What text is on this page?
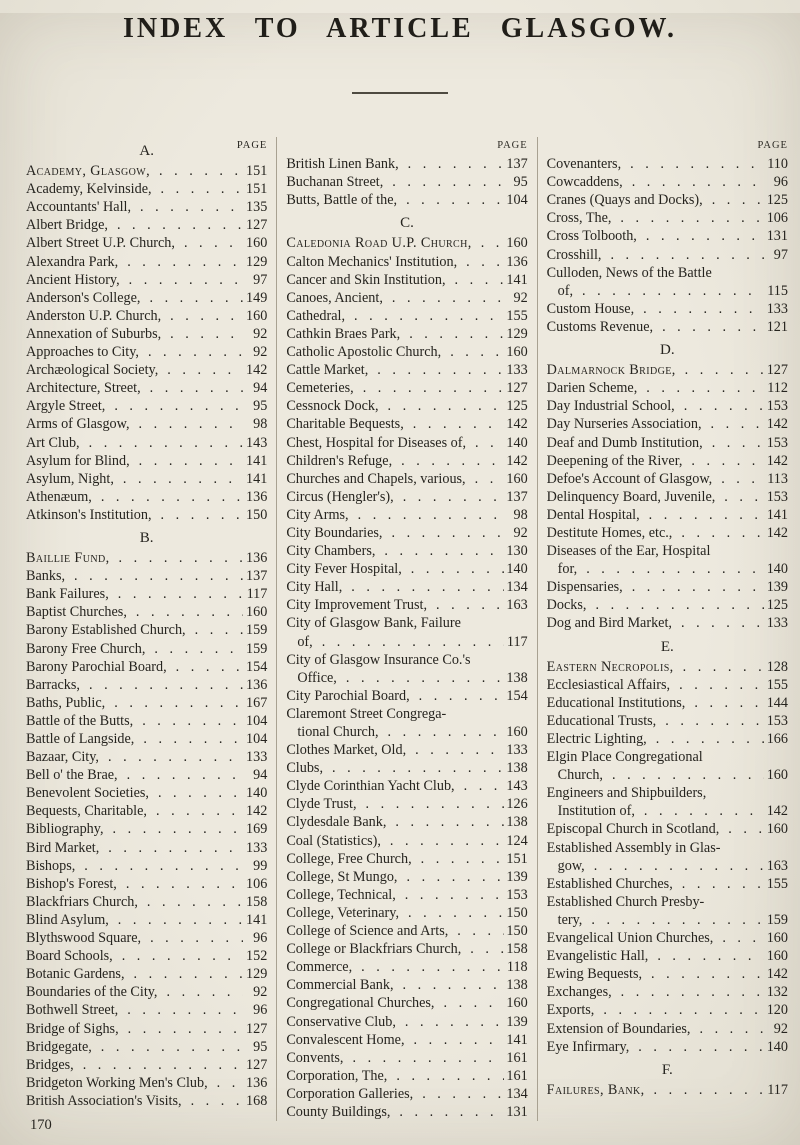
INDEX TO ARTICLE GLASGOW.
A.	PAGE
Academy, Glasgow, . . .	151
Academy, Kelvinside, . . .	151
Accountants' Hall, . . .	135
Albert Bridge, . . .	127
Albert Street U.P. Church, . . .	160
Alexandra Park, . . .	129
Ancient History, . . .	97
Anderson's College, . . .	149
Anderston U.P. Church, . . .	160
Annexation of Suburbs, . . .	92
Approaches to City, . . .	92
Archæological Society, . . .	142
Architecture, Street, . . .	94
Argyle Street, . . .	95
Arms of Glasgow, . . .	98
Art Club, . . .	143
Asylum for Blind, . . .	141
Asylum, Night, . . .	141
Athenæum, . . .	136
Atkinson's Institution, . . .	150
B.
Baillie Fund, . . .	136
Banks, . . .	137
Bank Failures, . . .	117
Baptist Churches, . . .	160
Barony Established Church, . . .	159
Barony Free Church, . . .	159
Barony Parochial Board, . . .	154
Barracks, . . .	136
Baths, Public, . . .	167
Battle of the Butts, . . .	104
Battle of Langside, . . .	104
Bazaar, City, . . .	133
Bell o' the Brae, . . .	94
Benevolent Societies, . . .	140
Bequests, Charitable, . . .	142
Bibliography, . . .	169
Bird Market, . . .	133
Bishops, . . .	99
Bishop's Forest, . . .	106
Blackfriars Church, . . .	158
Blind Asylum, . . .	141
Blythswood Square, . . .	96
Board Schools, . . .	152
Botanic Gardens, . . .	129
Boundaries of the City, . . .	92
Bothwell Street, . . .	96
Bridge of Sighs, . . .	127
Bridgegate, . . .	95
Bridges, . . .	127
Bridgeton Working Men's Club, . . .	136
British Association's Visits, . . .	168
PAGE
British Linen Bank, . . .	137
Buchanan Street, . . .	95
Butts, Battle of the, . . .	104
C.
Caledonia Road U.P. Church, . . . 160
Calton Mechanics' Institution, . . .	136
Cancer and Skin Institution, . . .	141
Canoes, Ancient, . . .	92
Cathedral, . . .	155
Cathkin Braes Park, . . .	129
Catholic Apostolic Church, . . .	160
Cattle Market, . . .	133
Cemeteries, . . .	127
Cessnock Dock, . . .	125
Charitable Bequests, . . .	142
Chest, Hospital for Diseases of, . . .	140
Children's Refuge, . . .	142
Churches and Chapels, various, . . .	160
Circus (Hengler's), . . .	137
City Arms, . . .	98
City Boundaries, . . .	92
City Chambers, . . .	130
City Fever Hospital, . . .	140
City Hall, . . .	134
City Improvement Trust, . . .	163
City of Glasgow Bank, Failure
of, . . .	117
City of Glasgow Insurance Co.'s
Office, . . .	138
City Parochial Board, . . .	154
Claremont Street Congrega-
tional Church, . . .	160
Clothes Market, Old, . . .	133
Clubs, . . .	138
Clyde Corinthian Yacht Club, . . .	143
Clyde Trust, . . .	126
Clydesdale Bank, . . .	138
Coal (Statistics), . . .	124
College, Free Church, . . .	151
College, St Mungo, . . .	139
College, Technical, . . .	153
College, Veterinary, . . .	150
College of Science and Arts, . . .	150
College or Blackfriars Church, . . .	158
Commerce, . . .	118
Commercial Bank, . . .	138
Congregational Churches, . . .	160
Conservative Club, . . .	139
Convalescent Home, . . .	141
Convents, . . .	161
Corporation, The, . . .	161
Corporation Galleries, . . .	134
County Buildings, . . .	131
PAGE
Covenanters, . . .	110
Cowcaddens, . . .	96
Cranes (Quays and Docks), . . .	125
Cross, The, . . .	106
Cross Tolbooth, . . .	131
Crosshill, . . .	97
Culloden, News of the Battle
of, . . .	115
Custom House, . . .	133
Customs Revenue, . . .	121
D.
Dalmarnock Bridge, . . .	127
Darien Scheme, . . .	112
Day Industrial School, . . .	153
Day Nurseries Association, . . .	142
Deaf and Dumb Institution, . . .	153
Deepening of the River, . . .	142
Defoe's Account of Glasgow, . . .	113
Delinquency Board, Juvenile, . . .	153
Dental Hospital, . . .	141
Destitute Homes, etc., . . .	142
Diseases of the Ear, Hospital
for, . . .	140
Dispensaries, . . .	139
Docks, . . .	125
Dog and Bird Market, . . .	133
E.
Eastern Necropolis, . . .	128
Ecclesiastical Affairs, . . .	155
Educational Institutions, . . .	144
Educational Trusts, . . .	153
Electric Lighting, . . .	166
Elgin Place Congregational
Church, . . .	160
Engineers and Shipbuilders,
Institution of, . . .	142
Episcopal Church in Scotland, . . .	160
Established Assembly in Glas-
gow, . . .	163
Established Churches, . . .	155
Established Church Presby-
tery, . . .	159
Evangelical Union Churches, . . .	160
Evangelistic Hall, . . .	160
Ewing Bequests, . . .	142
Exchanges, . . .	132
Exports, . . .	120
Extension of Boundaries, . . .	92
Eye Infirmary, . . .	140
F.
Failures, Bank, . . .	117
170
